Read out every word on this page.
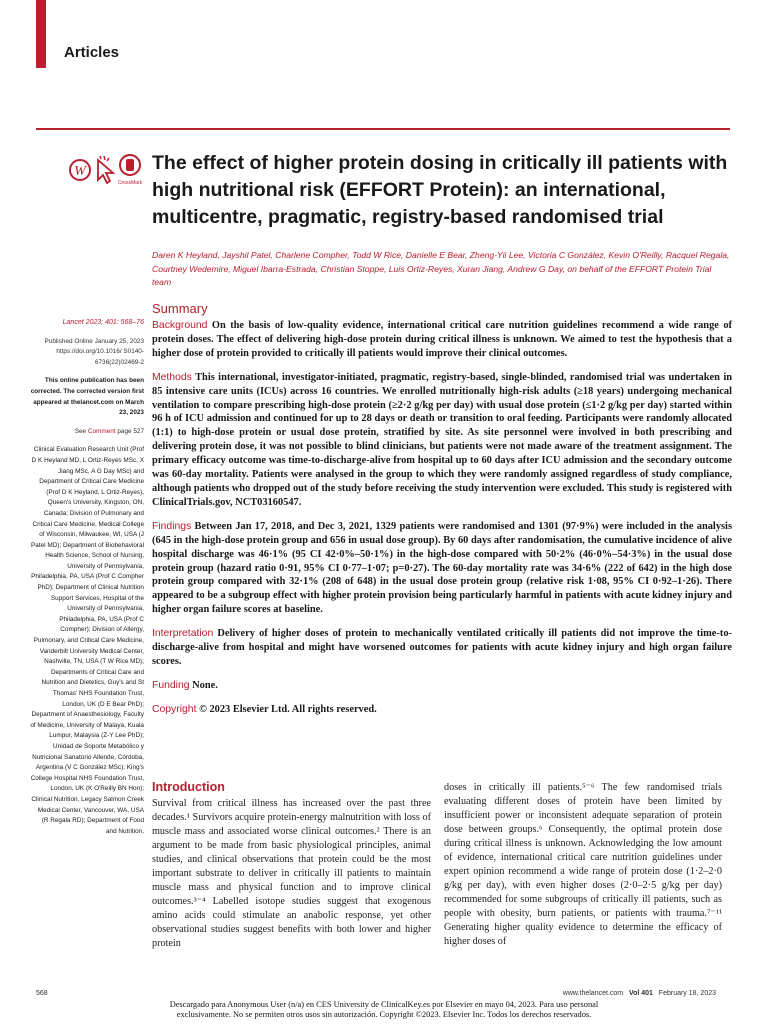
Articles
W
CrossMark
The effect of higher protein dosing in critically ill patients with high nutritional risk (EFFORT Protein): an international, multicentre, pragmatic, registry-based randomised trial
Daren K Heyland, Jayshil Patel, Charlene Compher, Todd W Rice, Danielle E Bear, Zheng-Yii Lee, Victoria C González, Kevin O'Reilly, Racquel Regala, Courtney Wedemire, Miguel Ibarra-Estrada, Christian Stoppe, Luis Ortiz-Reyes, Xuran Jiang, Andrew G Day, on behalf of the EFFORT Protein Trial team
Lancet 2023; 401: 568–76
Published Online January 25, 2023 https://doi.org/10.1016/ S0140-6736(22)02469-2
This online publication has been corrected. The corrected version first appeared at thelancet.com on March 23, 2023
See Comment page 527
Clinical Evaluation Research Unit (Prof D K Heyland MD, L Ortiz-Reyes MSc, X Jiang MSc, A G Day MSc) and Department of Critical Care Medicine (Prof D K Heyland, L Ortiz-Reyes), Queen's University, Kingston, ON, Canada; Division of Pulmonary and Critical Care Medicine, Medical College of Wisconsin, Milwaukee, WI, USA (J Patel MD); Department of Biobehavioral Health Science, School of Nursing, University of Pennsylvania, Philadelphia, PA, USA (Prof C Compher PhD); Department of Clinical Nutrition Support Services, Hospital of the University of Pennsylvania, Philadelphia, PA, USA (Prof C Compher); Division of Allergy, Pulmonary, and Critical Care Medicine, Vanderbilt University Medical Center, Nashville, TN, USA (T W Rice MD); Departments of Critical Care and Nutrition and Dietetics, Guy's and St Thomas' NHS Foundation Trust, London, UK (D E Bear PhD); Department of Anaesthesiology, Faculty of Medicine, University of Malaya, Kuala Lumpur, Malaysia (Z-Y Lee PhD); Unidad de Soporte Metabólico y Nutricional Sanatorio Allende, Córdoba, Argentina (V C González MSc); King's College Hospital NHS Foundation Trust, London, UK (K O'Reilly BN Hon); Clinical Nutrition, Legacy Salmon Creek Medical Center, Vancouver, WA, USA (R Regala RD); Department of Food and Nutrition,
Summary

Background On the basis of low-quality evidence, international critical care nutrition guidelines recommend a wide range of protein doses. The effect of delivering high-dose protein during critical illness is unknown. We aimed to test the hypothesis that a higher dose of protein provided to critically ill patients would improve their clinical outcomes.

Methods This international, investigator-initiated, pragmatic, registry-based, single-blinded, randomised trial was undertaken in 85 intensive care units (ICUs) across 16 countries. We enrolled nutritionally high-risk adults (≥18 years) undergoing mechanical ventilation to compare prescribing high-dose protein (≥2·2 g/kg per day) with usual dose protein (≤1·2 g/kg per day) started within 96 h of ICU admission and continued for up to 28 days or death or transition to oral feeding. Participants were randomly allocated (1:1) to high-dose protein or usual dose protein, stratified by site. As site personnel were involved in both prescribing and delivering protein dose, it was not possible to blind clinicians, but patients were not made aware of the treatment assignment. The primary efficacy outcome was time-to-discharge-alive from hospital up to 60 days after ICU admission and the secondary outcome was 60-day mortality. Patients were analysed in the group to which they were randomly assigned regardless of study compliance, although patients who dropped out of the study before receiving the study intervention were excluded. This study is registered with ClinicalTrials.gov, NCT03160547.

Findings Between Jan 17, 2018, and Dec 3, 2021, 1329 patients were randomised and 1301 (97·9%) were included in the analysis (645 in the high-dose protein group and 656 in usual dose group). By 60 days after randomisation, the cumulative incidence of alive hospital discharge was 46·1% (95 CI 42·0%–50·1%) in the high-dose compared with 50·2% (46·0%–54·3%) in the usual dose protein group (hazard ratio 0·91, 95% CI 0·77–1·07; p=0·27). The 60-day mortality rate was 34·6% (222 of 642) in the high dose protein group compared with 32·1% (208 of 648) in the usual dose protein group (relative risk 1·08, 95% CI 0·92–1·26). There appeared to be a subgroup effect with higher protein provision being particularly harmful in patients with acute kidney injury and higher organ failure scores at baseline.

Interpretation Delivery of higher doses of protein to mechanically ventilated critically ill patients did not improve the time-to-discharge-alive from hospital and might have worsened outcomes for patients with acute kidney injury and high organ failure scores.

Funding None.

Copyright © 2023 Elsevier Ltd. All rights reserved.

Introduction
Survival from critical illness has increased over the past three decades.¹ Survivors acquire protein-energy malnutrition with loss of muscle mass and associated worse clinical outcomes.² There is an argument to be made from basic physiological principles, animal studies, and clinical observations that protein could be the most important substrate to deliver in critically ill patients to maintain muscle mass and physical function and to improve clinical outcomes.³⁻⁴ Labelled isotope studies suggest that exogenous amino acids could stimulate an anabolic response, yet other observational studies suggest benefits with both lower and higher protein
doses in critically ill patients.⁵⁻⁶ The few randomised trials evaluating different doses of protein have been limited by insufficient power or inconsistent adequate separation of protein dose between groups.⁶ Consequently, the optimal protein dose during critical illness is unknown. Acknowledging the low amount of evidence, international critical care nutrition guidelines under expert opinion recommend a wide range of protein dose (1·2–2·0 g/kg per day), with even higher doses (2·0–2·5 g/kg per day) recommended for some subgroups of critically ill patients, such as people with obesity, burn patients, or patients with trauma.⁷⁻¹¹ Generating higher quality evidence to determine the efficacy of higher doses of
568	www.thelancet.com Vol 401 February 18, 2023
Descargado para Anonymous User (n/a) en CES University de ClinicalKey.es por Elsevier en mayo 04, 2023. Para uso personal
exclusivamente. No se permiten otros usos sin autorización. Copyright ©2023. Elsevier Inc. Todos los derechos reservados.
